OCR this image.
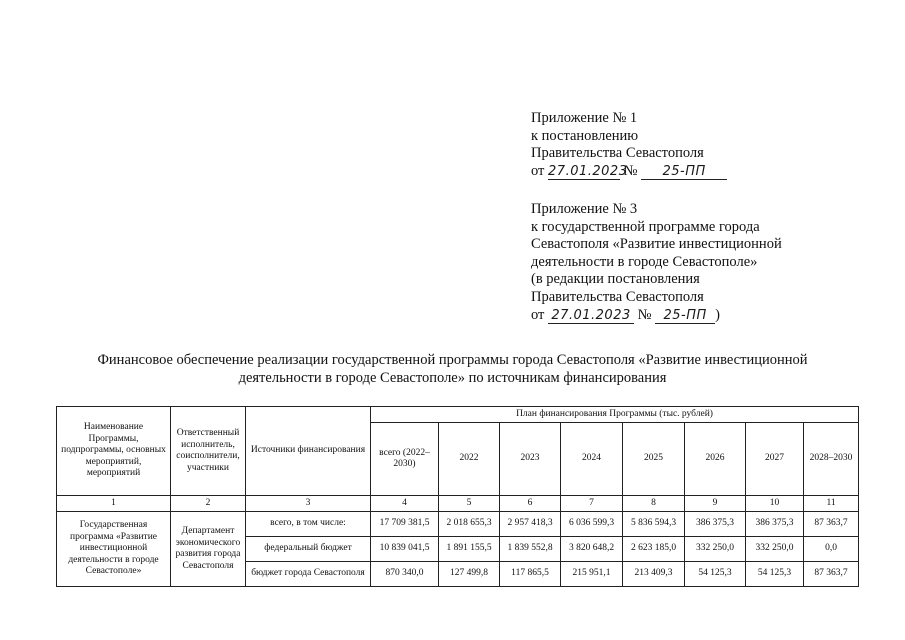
Приложение № 1
к постановлению
Правительства Севастополя
от 27.01.2023 № 25-ПП
Приложение № 3
к государственной программе города
Севастополя «Развитие инвестиционной
деятельности в городе Севастополе»
(в редакции постановления
Правительства Севастополя
от 27.01.2023 № 25-ПП )
Финансовое обеспечение реализации государственной программы города Севастополя «Развитие инвестиционной
деятельности в городе Севастополе» по источникам финансирования
Наименование Программы, подпрограммы, основных мероприятий, мероприятий	Ответственный исполнитель, соисполнители, участники	Источники финансирования	План финансирования Программы (тыс. рублей)							
			всего (2022–2030)	2022	2023	2024	2025	2026	2027	2028–2030
1	2	3	4	5	6	7	8	9	10	11
Государственная программа «Развитие инвестиционной деятельности в городе Севастополе»	Департамент экономического развития города Севастополя	всего, в том числе:	17 709 381,5	2 018 655,3	2 957 418,3	6 036 599,3	5 836 594,3	386 375,3	386 375,3	87 363,7
		федеральный бюджет	10 839 041,5	1 891 155,5	1 839 552,8	3 820 648,2	2 623 185,0	332 250,0	332 250,0	0,0
		бюджет города Севастополя	870 340,0	127 499,8	117 865,5	215 951,1	213 409,3	54 125,3	54 125,3	87 363,7
